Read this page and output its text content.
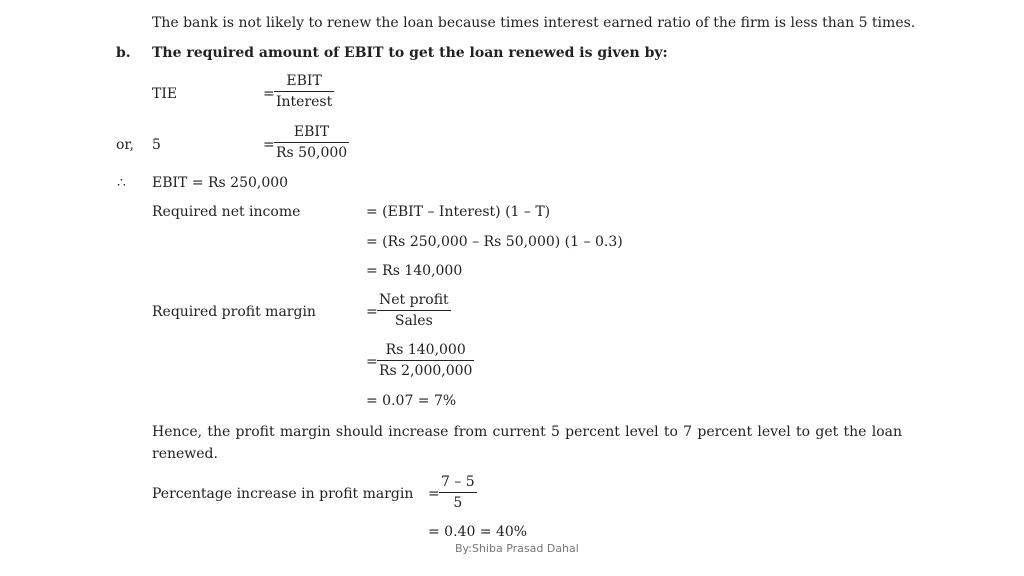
The bank is not likely to renew the loan because times interest earned ratio of the firm is less than 5 times.
b. The required amount of EBIT to get the loan renewed is given by:
TIE	=
EBIT
Interest
or, 5	=
EBIT
Rs 50,000
∴ EBIT = Rs 250,000
Required net income	= (EBIT – Interest) (1 – T)
= (Rs 250,000 – Rs 50,000) (1 – 0.3)
= Rs 140,000
Required profit margin	=
Net profit
Sales
= $\frac{Rs 140,000}{Rs 2,000,000}$
= 0.07 = 7%
Hence, the profit margin should increase from current 5 percent level to 7 percent level to get the loan renewed.
Percentage increase in profit margin = $\frac{7 - 5}{5}$
= 0.40 = 40%
By:Shiba Prasad Dahal
